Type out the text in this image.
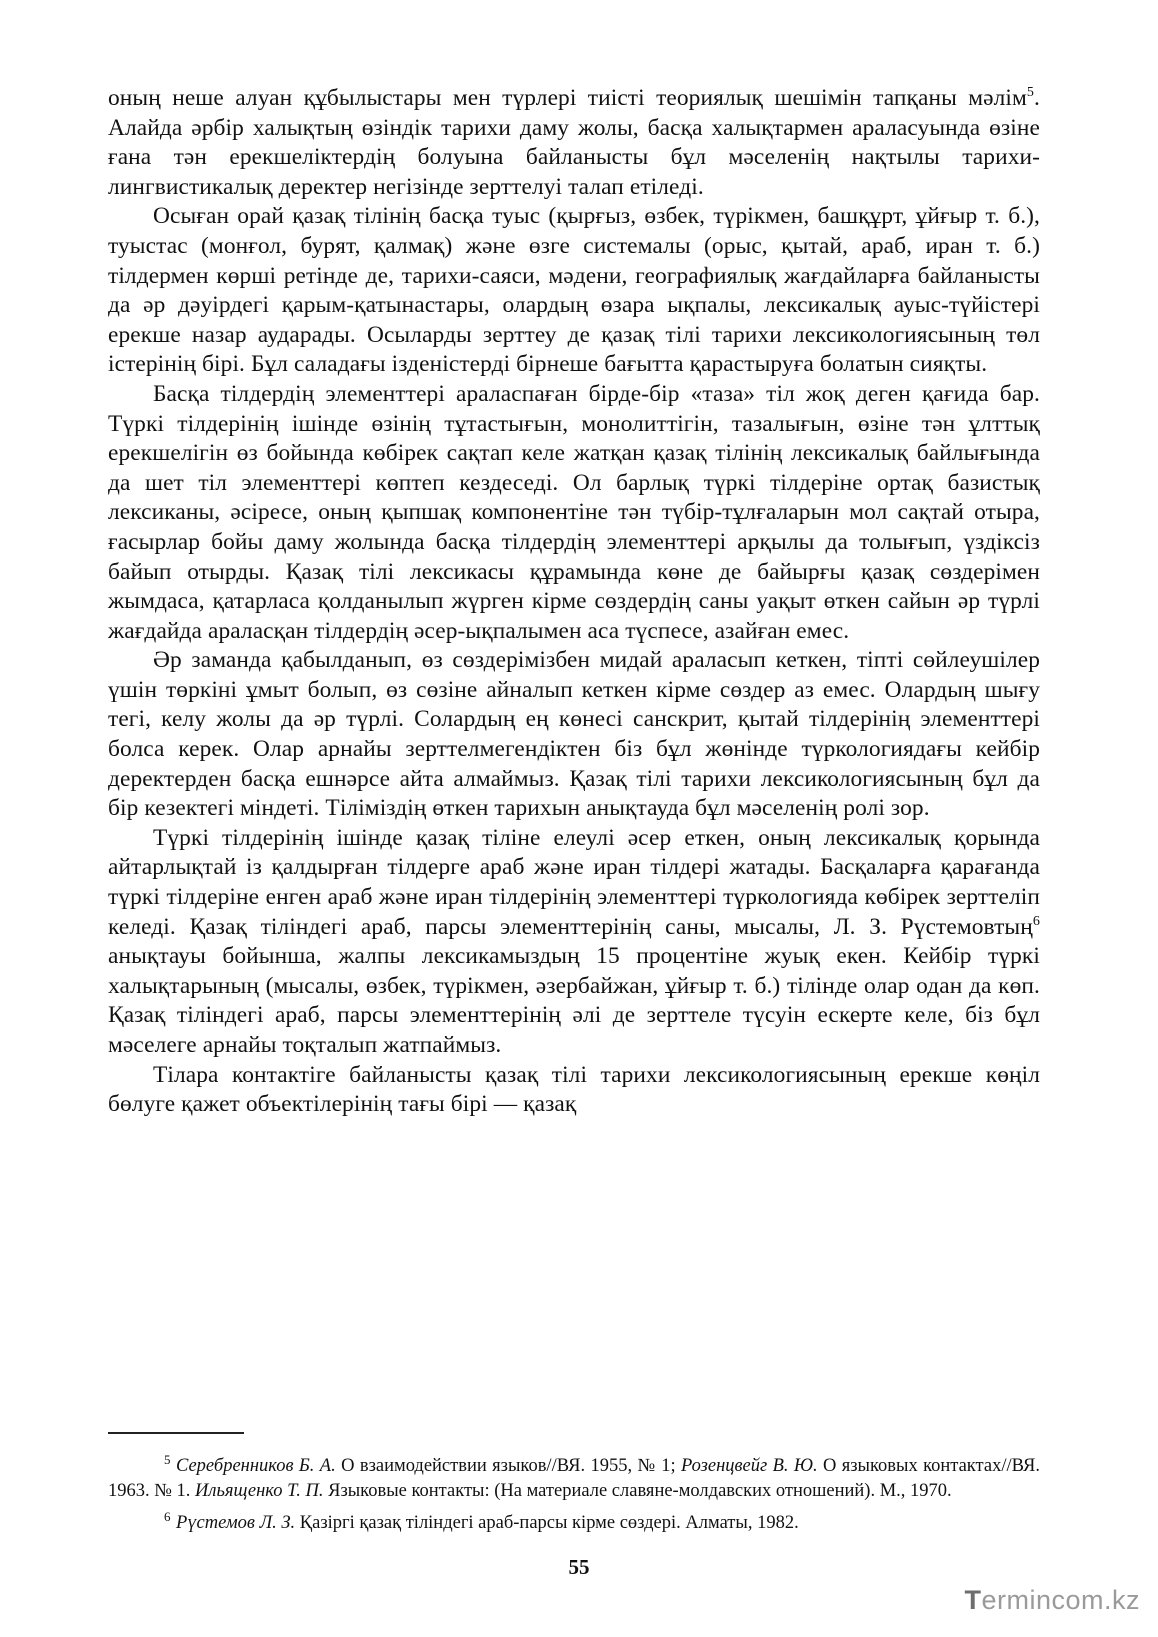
оның неше алуан құбылыстары мен түрлері тиісті теориялық шешімін тапқаны мәлім$^5$. Алайда әрбір халықтың өзіндік тарихи даму жолы, басқа халықтармен араласуында өзіне ғана тән ерекшеліктердің болуына байланысты бұл мәселенің нақтылы тарихи-лингвистикалық деректер негізінде зерттелуі талап етіледі.

Осыған орай қазақ тілінің басқа туыс (қырғыз, өзбек, түрікмен, башқұрт, ұйғыр т. б.), туыстас (монғол, бурят, қалмақ) және өзге системалы (орыс, қытай, араб, иран т. б.) тілдермен көрші ретінде де, тарихи-саяси, мәдени, географиялық жағдайларға байланысты да әр дәуірдегі қарым-қатынастары, олардың өзара ықпалы, лексикалық ауыс-түйістері ерекше назар аударады. Осыларды зерттеу де қазақ тілі тарихи лексикологиясының төл істерінің бірі. Бұл саладағы ізденістерді бірнеше бағытта қарастыруға болатын сияқты.

Басқа тілдердің элементтері араласпаған бірде-бір «таза» тіл жоқ деген қағида бар. Түркі тілдерінің ішінде өзінің тұтастығын, монолиттігін, тазалығын, өзіне тән ұлттық ерекшелігін өз бойында көбірек сақтап келе жатқан қазақ тілінің лексикалық байлығында да шет тіл элементтері көптеп кездеседі. Ол барлық түркі тілдеріне ортақ базистық лексиканы, әсіресе, оның қыпшақ компонентіне тән түбір-тұлғаларын мол сақтай отыра, ғасырлар бойы даму жолында басқа тілдердің элементтері арқылы да толығып, үздіксіз байып отырды. Қазақ тілі лексикасы құрамында көне де байырғы қазақ сөздерімен жымдаса, қатарласа қолданылып жүрген кірме сөздердің саны уақыт өткен сайын әр түрлі жағдайда араласқан тілдердің әсер-ықпалымен аса түспесе, азайған емес.

Әр заманда қабылданып, өз сөздерімізбен мидай араласып кеткен, тіпті сөйлеушілер үшін төркіні ұмыт болып, өз сөзіне айналып кеткен кірме сөздер аз емес. Олардың шығу тегі, келу жолы да әр түрлі. Солардың ең көнесі санскрит, қытай тілдерінің элементтері болса керек. Олар арнайы зерттелмегендіктен біз бұл жөнінде түркологиядағы кейбір деректерден басқа ешнәрсе айта алмаймыз. Қазақ тілі тарихи лексикологиясының бұл да бір кезектегі міндеті. Тіліміздің өткен тарихын анықтауда бұл мәселенің ролі зор.

Түркі тілдерінің ішінде қазақ тіліне елеулі әсер еткен, оның лексикалық қорында айтарлықтай із қалдырған тілдерге араб және иран тілдері жатады. Басқаларға қарағанда түркі тілдеріне енген араб және иран тілдерінің элементтері түркологияда көбірек зерттеліп келеді. Қазақ тіліндегі араб, парсы элементтерінің саны, мысалы, Л. З. Рүстемовтың$^6$ анықтауы бойынша, жалпы лексикамыздың 15 процентіне жуық екен. Кейбір түркі халықтарының (мысалы, өзбек, түрікмен, әзербайжан, ұйғыр т. б.) тілінде олар одан да көп. Қазақ тіліндегі араб, парсы элементтерінің әлі де зерттеле түсуін ескерте келе, біз бұл мәселеге арнайы тоқталып жатпаймыз.

Тілара контактіге байланысты қазақ тілі тарихи лексикологиясының ерекше көңіл бөлуге қажет объектілерінің тағы бірі — қазақ

5 Серебренников Б. А. О взаимодействии языков//ВЯ. 1955, № 1; Розенцвейг В. Ю. О языковых контактах//ВЯ. 1963. № 1. Ильященко Т. П. Языковые контакты: (На материале славяне-молдавских отношений). М., 1970.

6 Рүстемов Л. З. Қазіргі қазақ тіліндегі араб-парсы кірме сөздері. Алматы, 1982.

55
Termincom.kz
